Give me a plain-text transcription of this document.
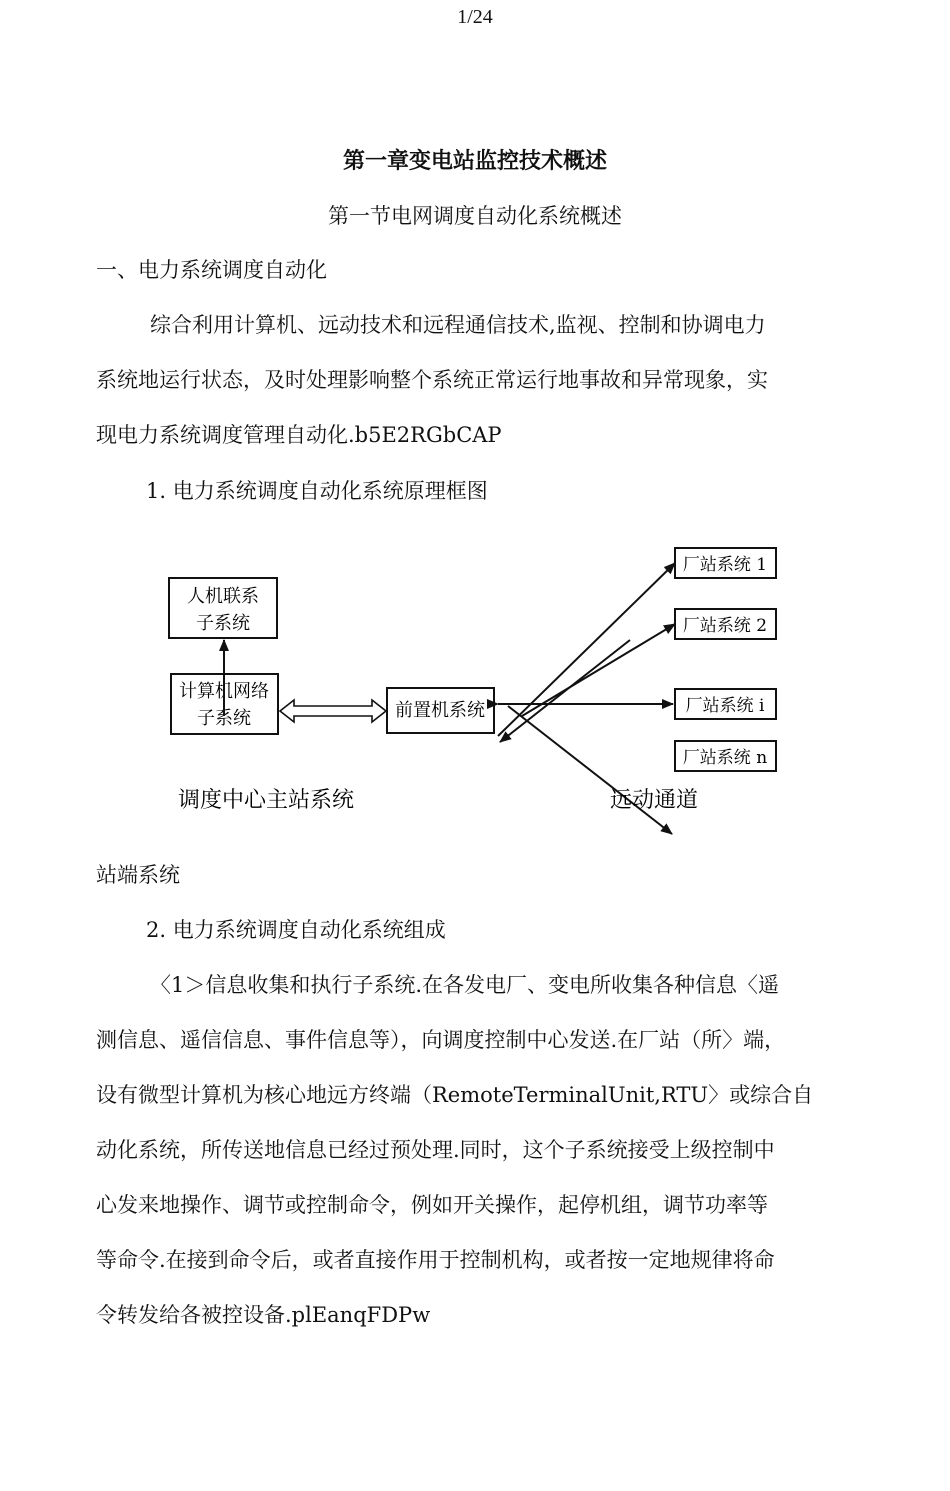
1/24
第一章变电站监控技术概述
第一节电网调度自动化系统概述
一、电力系统调度自动化
综合利用计算机、远动技术和远程通信技术,监视、控制和协调电力
系统地运行状态，及时处理影响整个系统正常运行地事故和异常现象，实
现电力系统调度管理自动化.b5E2RGbCAP
1. 电力系统调度自动化系统原理框图
人机联系
子系统
计算机网络
子系统	前置机系统
厂站系统 1
厂站系统 2
厂站系统 i
厂站系统 n
调度中心主站系统	远动通道
站端系统
2. 电力系统调度自动化系统组成
〈1＞信息收集和执行子系统.在各发电厂、变电所收集各种信息〈遥
测信息、遥信信息、事件信息等），向调度控制中心发送.在厂站（所〉端，
设有微型计算机为核心地远方终端（RemoteTerminalUnit,RTU〉或综合自
动化系统，所传送地信息已经过预处理.同时，这个子系统接受上级控制中
心发来地操作、调节或控制命令，例如开关操作，起停机组，调节功率等
等命令.在接到命令后，或者直接作用于控制机构，或者按一定地规律将命
令转发给各被控设备.plEanqFDPw
